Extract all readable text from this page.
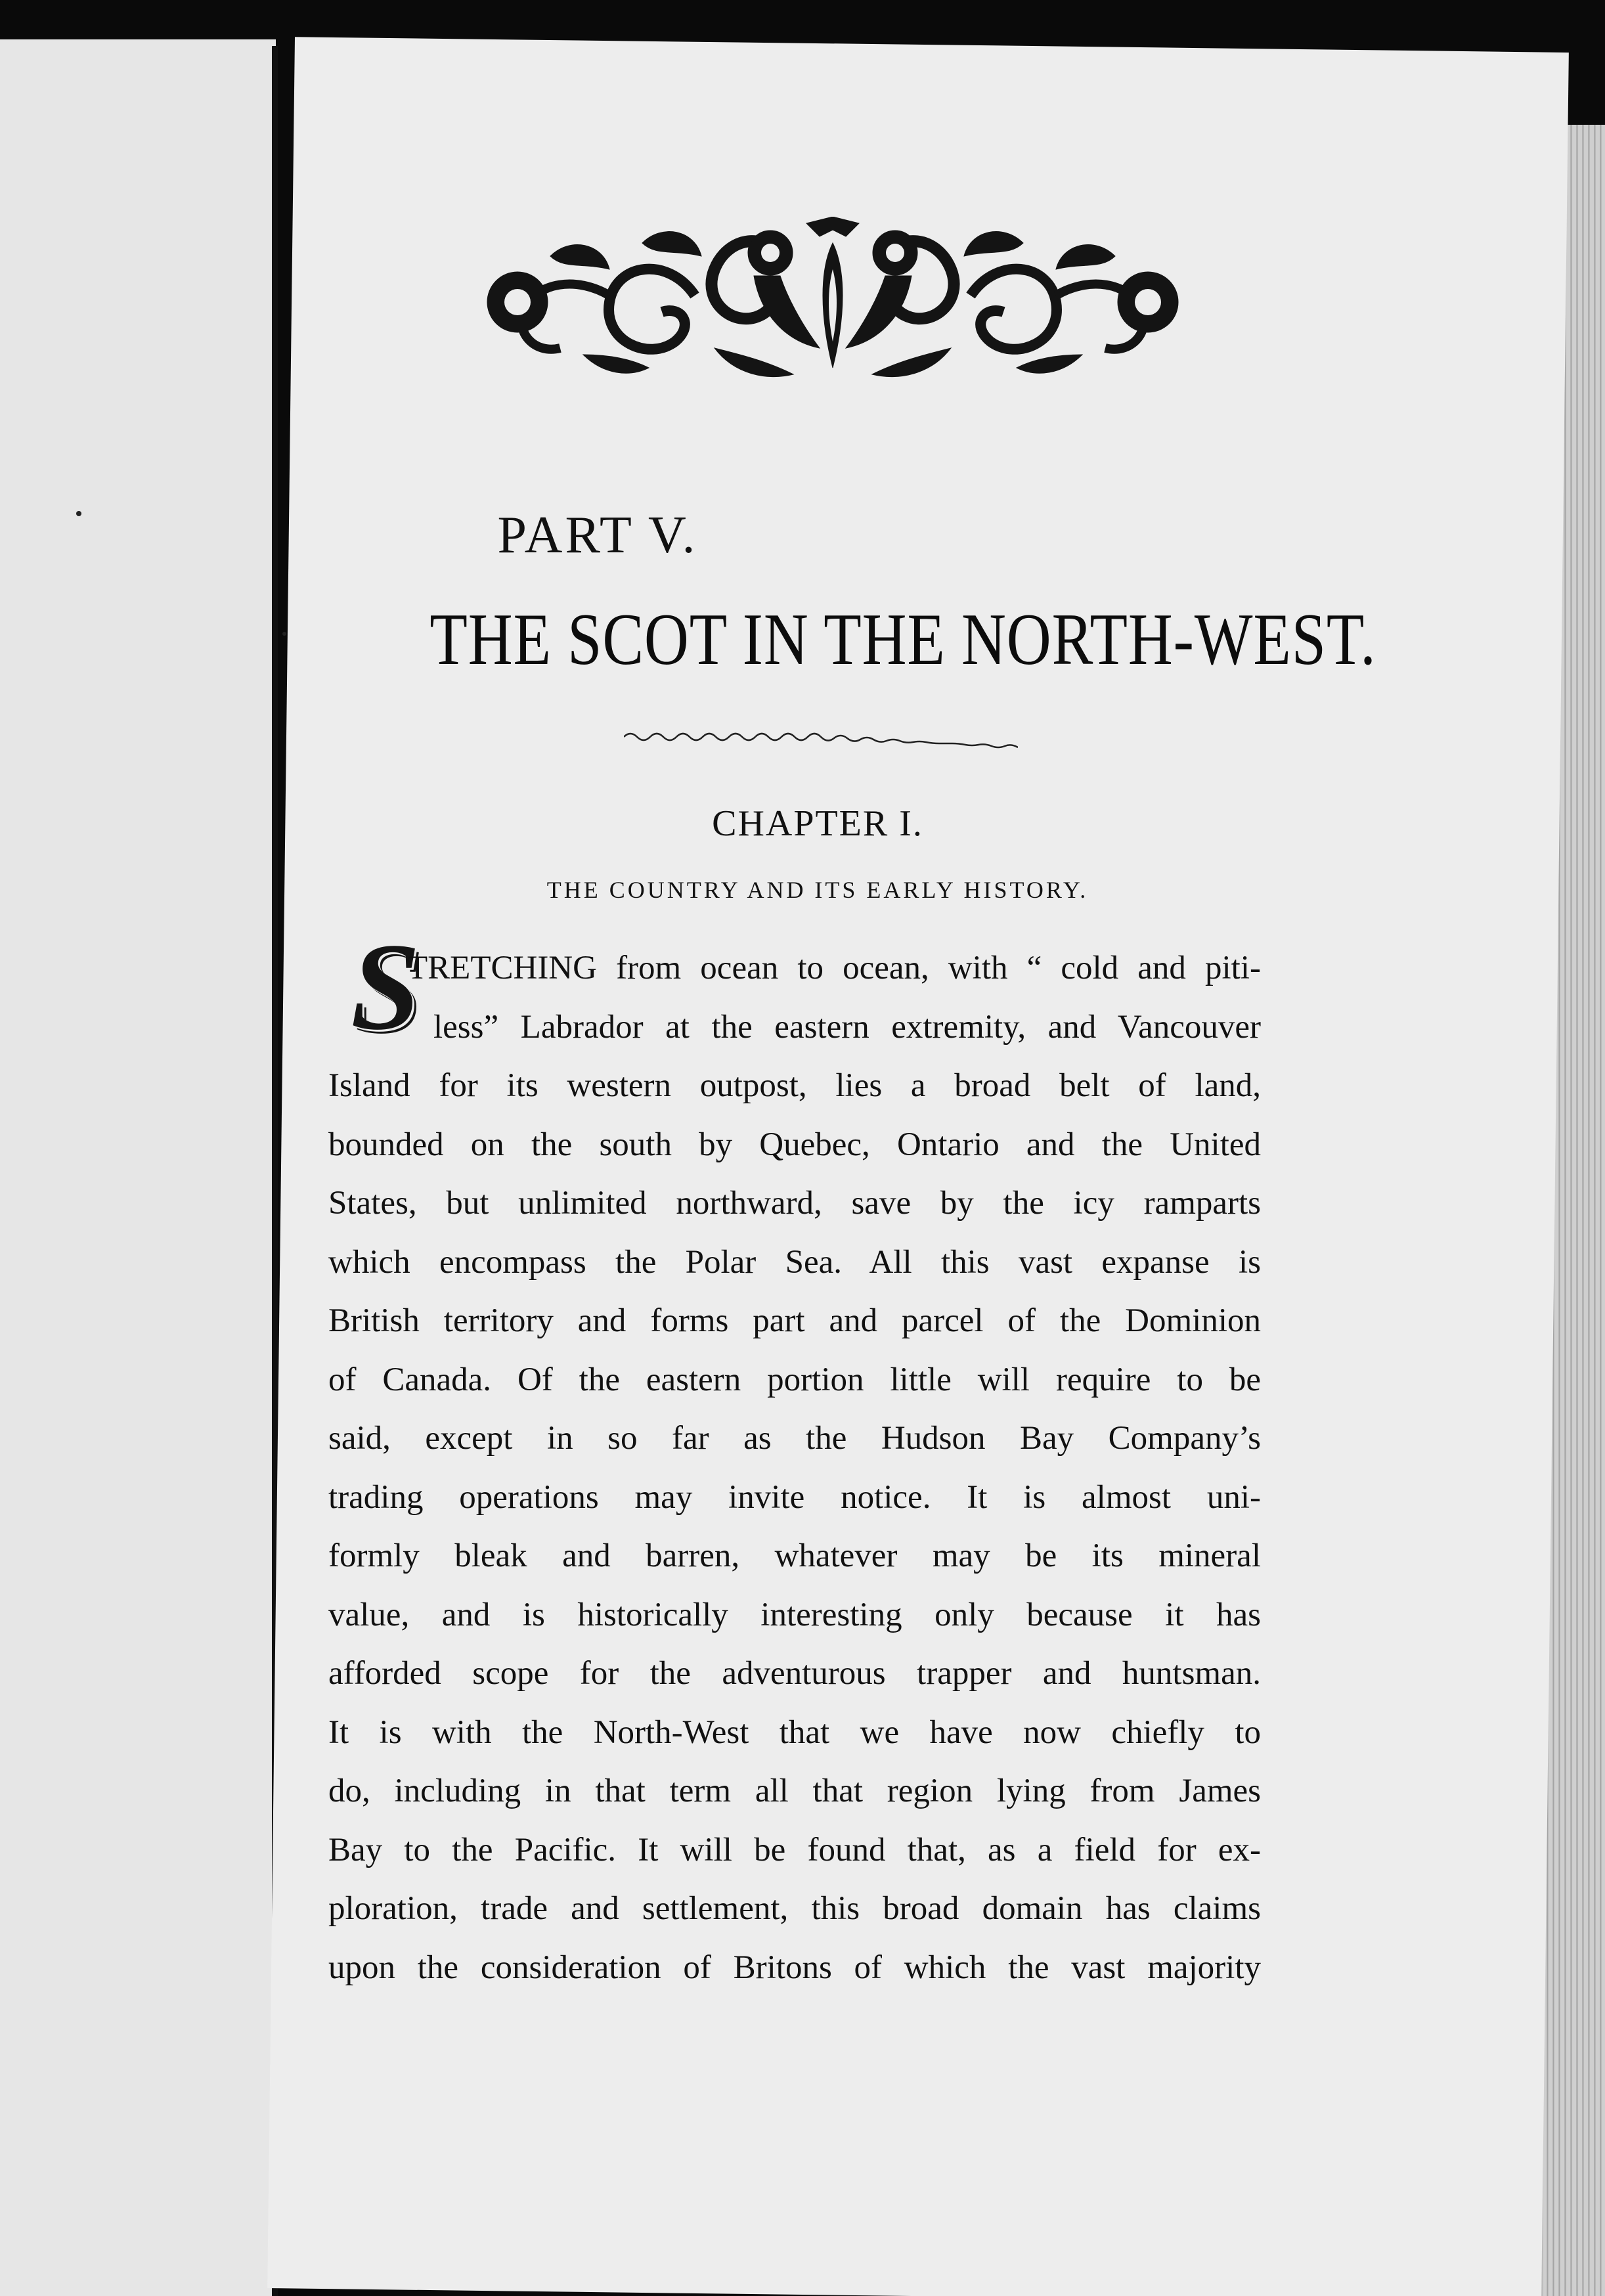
PART V.
THE SCOT IN THE NORTH-WEST.
CHAPTER I.
THE COUNTRY AND ITS EARLY HISTORY.
S
TRETCHING from ocean to ocean, with “ cold and piti-
less” Labrador at the eastern extremity, and Vancouver
Island for its western outpost, lies a broad belt of land,
bounded on the south by Quebec, Ontario and the United
States, but unlimited northward, save by the icy ramparts
which encompass the Polar Sea. All this vast expanse is
British territory and forms part and parcel of the Dominion
of Canada. Of the eastern portion little will require to be
said, except in so far as the Hudson Bay Company’s
trading operations may invite notice. It is almost uni-
formly bleak and barren, whatever may be its mineral
value, and is historically interesting only because it has
afforded scope for the adventurous trapper and huntsman.
It is with the North-West that we have now chiefly to
do, including in that term all that region lying from James
Bay to the Pacific. It will be found that, as a field for ex-
ploration, trade and settlement, this broad domain has claims
upon the consideration of Britons of which the vast majority
